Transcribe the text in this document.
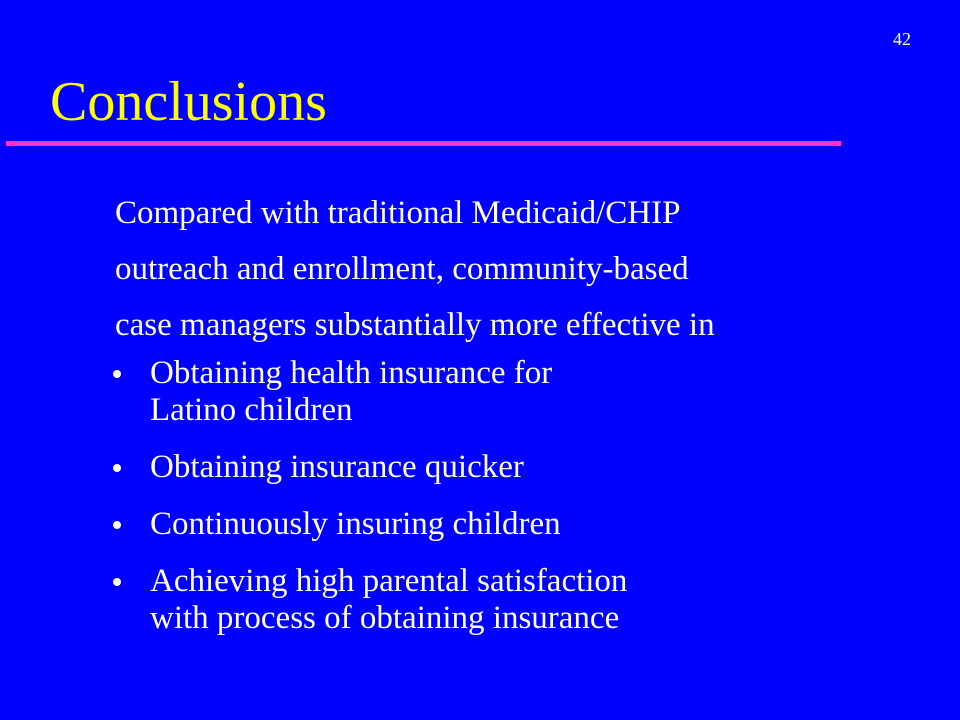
42
Conclusions

Compared with traditional Medicaid/CHIP
outreach and enrollment, community-based
case managers substantially more effective in

Obtaining health insurance for
Latino children
Obtaining insurance quicker
Continuously insuring children
Achieving high parental satisfaction
with process of obtaining insurance
